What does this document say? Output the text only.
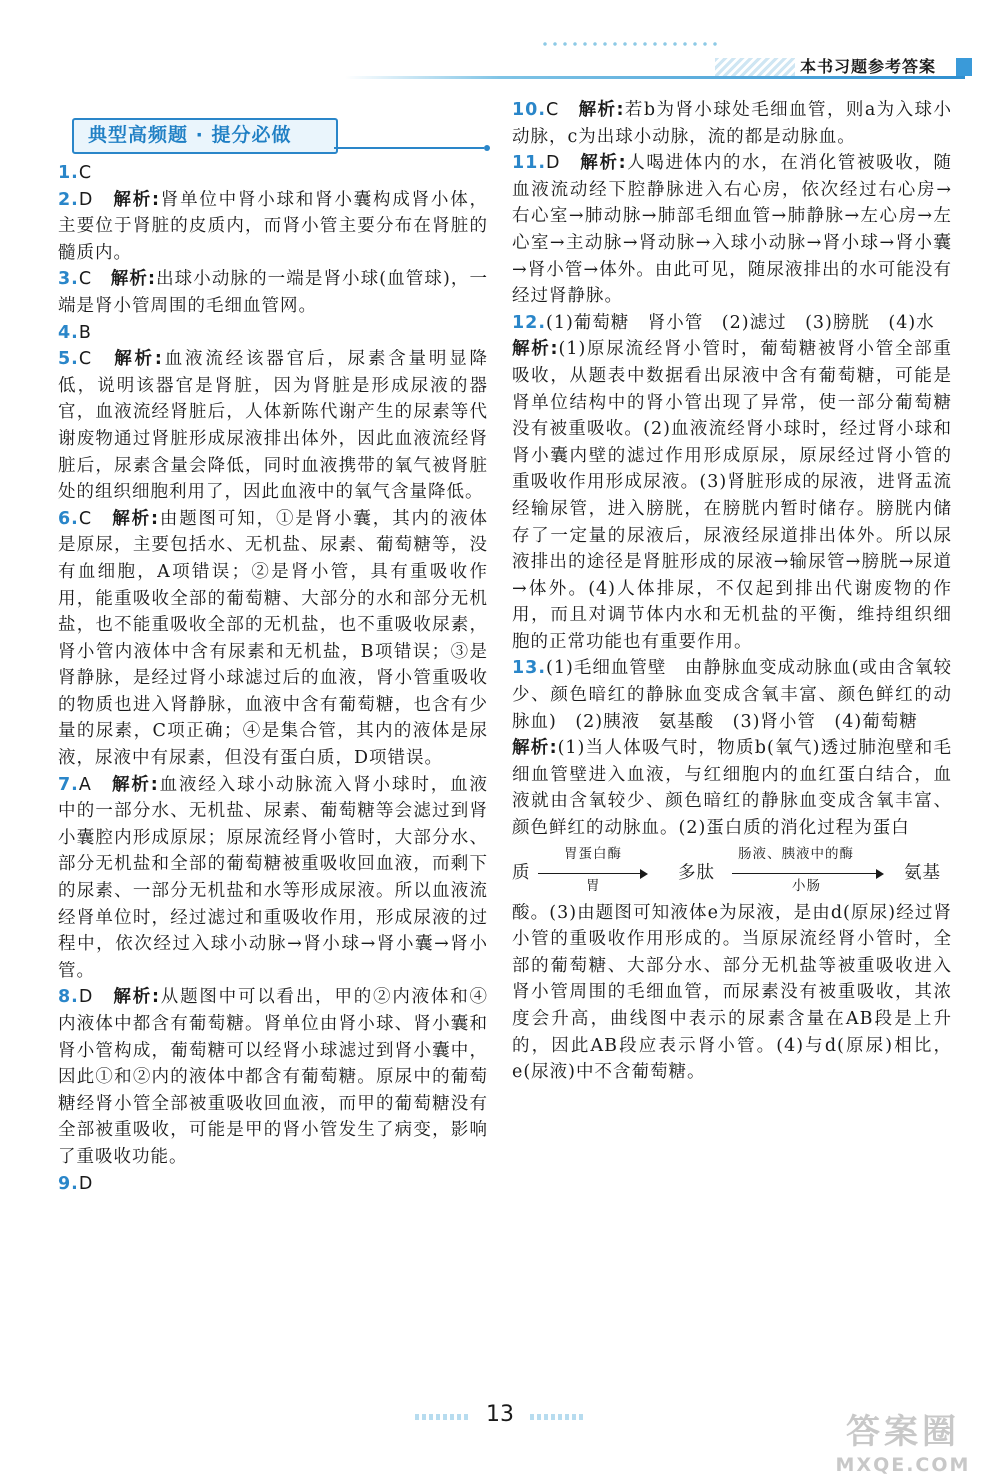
本书习题参考答案
典型高频题 · 提分必做

1.C

2.D　 解析:肾单位中肾小球和肾小囊构成肾小体，主要位于肾脏的皮质内，而肾小管主要分布在肾脏的髓质内。

3.C　 解析:出球小动脉的一端是肾小球(血管球)，一端是肾小管周围的毛细血管网。

4.B

5.C　 解析:血液流经该器官后，尿素含量明显降低，说明该器官是肾脏，因为肾脏是形成尿液的器官，血液流经肾脏后，人体新陈代谢产生的尿素等代谢废物通过肾脏形成尿液排出体外，因此血液流经肾脏后，尿素含量会降低，同时血液携带的氧气被肾脏处的组织细胞利用了，因此血液中的氧气含量降低。

6.C　 解析:由题图可知，①是肾小囊，其内的液体是原尿，主要包括水、无机盐、尿素、葡萄糖等，没有血细胞，A项错误；②是肾小管，具有重吸收作用，能重吸收全部的葡萄糖、大部分的水和部分无机盐，也不能重吸收全部的无机盐，也不重吸收尿素，肾小管内液体中含有尿素和无机盐，B项错误；③是肾静脉，是经过肾小球滤过后的血液，肾小管重吸收的物质也进入肾静脉，血液中含有葡萄糖，也含有少量的尿素，C项正确；④是集合管，其内的液体是尿液，尿液中有尿素，但没有蛋白质，D项错误。

7.A　 解析:血液经入球小动脉流入肾小球时，血液中的一部分水、无机盐、尿素、葡萄糖等会滤过到肾小囊腔内形成原尿；原尿流经肾小管时，大部分水、部分无机盐和全部的葡萄糖被重吸收回血液，而剩下的尿素、一部分无机盐和水等形成尿液。所以血液流经肾单位时，经过滤过和重吸收作用，形成尿液的过程中，依次经过入球小动脉→肾小球→肾小囊→肾小管。

8.D　 解析:从题图中可以看出，甲的②内液体和④内液体中都含有葡萄糖。肾单位由肾小球、肾小囊和肾小管构成，葡萄糖可以经肾小球滤过到肾小囊中，因此①和②内的液体中都含有葡萄糖。原尿中的葡萄糖经肾小管全部被重吸收回血液，而甲的葡萄糖没有全部被重吸收，可能是甲的肾小管发生了病变，影响了重吸收功能。

9.D

10.C　 解析:若b为肾小球处毛细血管，则a为入球小动脉，c为出球小动脉，流的都是动脉血。

11.D　 解析:人喝进体内的水，在消化管被吸收，随血液流动经下腔静脉进入右心房，依次经过右心房→右心室→肺动脉→肺部毛细血管→肺静脉→左心房→左心室→主动脉→肾动脉→入球小动脉→肾小球→肾小囊→肾小管→体外。由此可见，随尿液排出的水可能没有经过肾静脉。

12.(1)葡萄糖　肾小管　(2)滤过　(3)膀胱　(4)水

解析:(1)原尿流经肾小管时，葡萄糖被肾小管全部重吸收，从题表中数据看出尿液中含有葡萄糖，可能是肾单位结构中的肾小管出现了异常，使一部分葡萄糖没有被重吸收。(2)血液流经肾小球时，经过肾小球和肾小囊内壁的滤过作用形成原尿，原尿经过肾小管的重吸收作用形成尿液。(3)肾脏形成的尿液，进肾盂流经输尿管，进入膀胱，在膀胱内暂时储存。膀胱内储存了一定量的尿液后，尿液经尿道排出体外。所以尿液排出的途径是肾脏形成的尿液→输尿管→膀胱→尿道→体外。(4)人体排尿，不仅起到排出代谢废物的作用，而且对调节体内水和无机盐的平衡，维持组织细胞的正常功能也有重要作用。

13.(1)毛细血管壁　由静脉血变成动脉血(或由含氧较少、颜色暗红的静脉血变成含氧丰富、颜色鲜红的动脉血)　(2)胰液　氨基酸　(3)肾小管　(4)葡萄糖

解析:(1)当人体吸气时，物质b(氧气)透过肺泡壁和毛细血管壁进入血液，与红细胞内的血红蛋白结合，血液就由含氧较少、颜色暗红的静脉血变成含氧丰富、颜色鲜红的动脉血。(2)蛋白质的消化过程为蛋白

质
胃蛋白酶
胃
多肽
肠液、胰液中的酶
小肠
氨基

酸。(3)由题图可知液体e为尿液，是由d(原尿)经过肾小管的重吸收作用形成的。当原尿流经肾小管时，全部的葡萄糖、大部分水、部分无机盐等被重吸收进入肾小管周围的毛细血管，而尿素没有被重吸收，其浓度会升高，曲线图中表示的尿素含量在AB段是上升的，因此AB段应表示肾小管。(4)与d(原尿)相比，e(尿液)中不含葡萄糖。

13	答案圈
MXQE.COM
